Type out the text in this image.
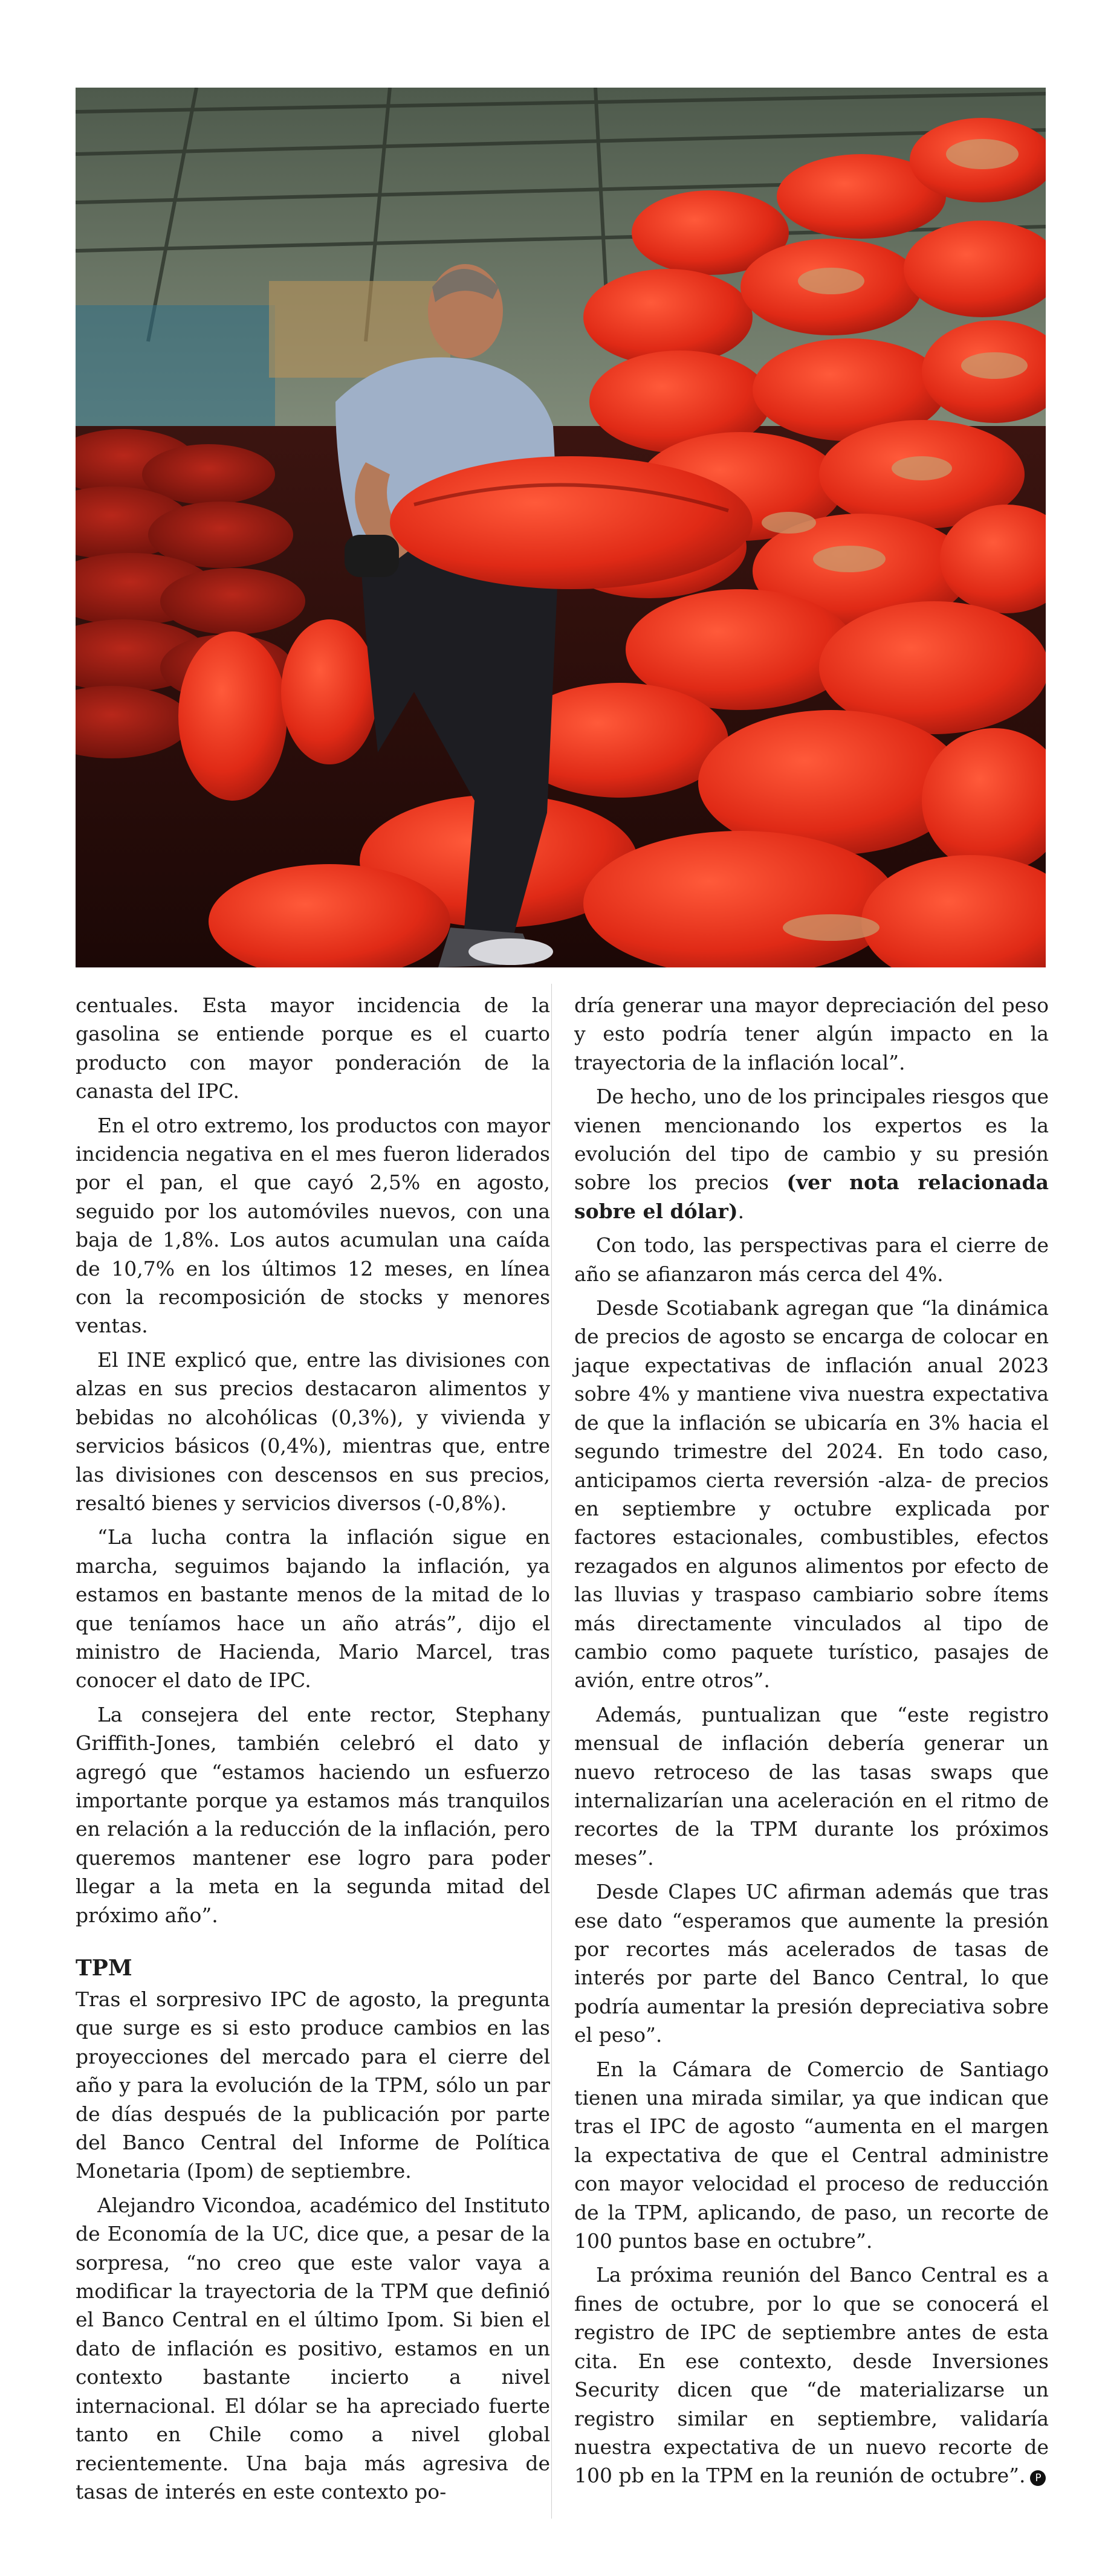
centuales. Esta mayor incidencia de la gasolina se entiende porque es el cuarto producto con mayor ponderación de la canasta del IPC.

En el otro extremo, los productos con mayor incidencia negativa en el mes fueron liderados por el pan, el que cayó 2,5% en agosto, seguido por los automóviles nuevos, con una baja de 1,8%. Los autos acumulan una caída de 10,7% en los últimos 12 meses, en línea con la recomposición de stocks y menores ventas.

El INE explicó que, entre las divisiones con alzas en sus precios destacaron alimentos y bebidas no alcohólicas (0,3%), y vivienda y servicios básicos (0,4%), mientras que, entre las divisiones con descensos en sus precios, resaltó bienes y servicios diversos (-0,8%).

“La lucha contra la inflación sigue en marcha, seguimos bajando la inflación, ya estamos en bastante menos de la mitad de lo que teníamos hace un año atrás”, dijo el ministro de Hacienda, Mario Marcel, tras conocer el dato de IPC.

La consejera del ente rector, Stephany Griffith-Jones, también celebró el dato y agregó que “estamos haciendo un esfuerzo importante porque ya estamos más tranquilos en relación a la reducción de la inflación, pero queremos mantener ese logro para poder llegar a la meta en la segunda mitad del próximo año”.

TPM

Tras el sorpresivo IPC de agosto, la pregunta que surge es si esto produce cambios en las proyecciones del mercado para el cierre del año y para la evolución de la TPM, sólo un par de días después de la publicación por parte del Banco Central del Informe de Política Monetaria (Ipom) de septiembre.

Alejandro Vicondoa, académico del Instituto de Economía de la UC, dice que, a pesar de la sorpresa, “no creo que este valor vaya a modificar la trayectoria de la TPM que definió el Banco Central en el último Ipom. Si bien el dato de inflación es positivo, estamos en un contexto bastante incierto a nivel internacional. El dólar se ha apreciado fuerte tanto en Chile como a nivel global recientemente. Una baja más agresiva de tasas de interés en este contexto po-

dría generar una mayor depreciación del peso y esto podría tener algún impacto en la trayectoria de la inflación local”.

De hecho, uno de los principales riesgos que vienen mencionando los expertos es la evolución del tipo de cambio y su presión sobre los precios (ver nota relacionada sobre el dólar).

Con todo, las perspectivas para el cierre de año se afianzaron más cerca del 4%.

Desde Scotiabank agregan que “la dinámica de precios de agosto se encarga de colocar en jaque expectativas de inflación anual 2023 sobre 4% y mantiene viva nuestra expectativa de que la inflación se ubicaría en 3% hacia el segundo trimestre del 2024. En todo caso, anticipamos cierta reversión -alza- de precios en septiembre y octubre explicada por factores estacionales, combustibles, efectos rezagados en algunos alimentos por efecto de las lluvias y traspaso cambiario sobre ítems más directamente vinculados al tipo de cambio como paquete turístico, pasajes de avión, entre otros”.

Además, puntualizan que “este registro mensual de inflación debería generar un nuevo retroceso de las tasas swaps que internalizarían una aceleración en el ritmo de recortes de la TPM durante los próximos meses”.

Desde Clapes UC afirman además que tras ese dato “esperamos que aumente la presión por recortes más acelerados de tasas de interés por parte del Banco Central, lo que podría aumentar la presión depreciativa sobre el peso”.

En la Cámara de Comercio de Santiago tienen una mirada similar, ya que indican que tras el IPC de agosto “aumenta en el margen la expectativa de que el Central administre con mayor velocidad el proceso de reducción de la TPM, aplicando, de paso, un recorte de 100 puntos base en octubre”.

La próxima reunión del Banco Central es a fines de octubre, por lo que se conocerá el registro de IPC de septiembre antes de esta cita. En ese contexto, desde Inversiones Security dicen que “de materializarse un registro similar en septiembre, validaría nuestra expectativa de un nuevo recorte de 100 pb en la TPM en la reunión de octubre”. P
